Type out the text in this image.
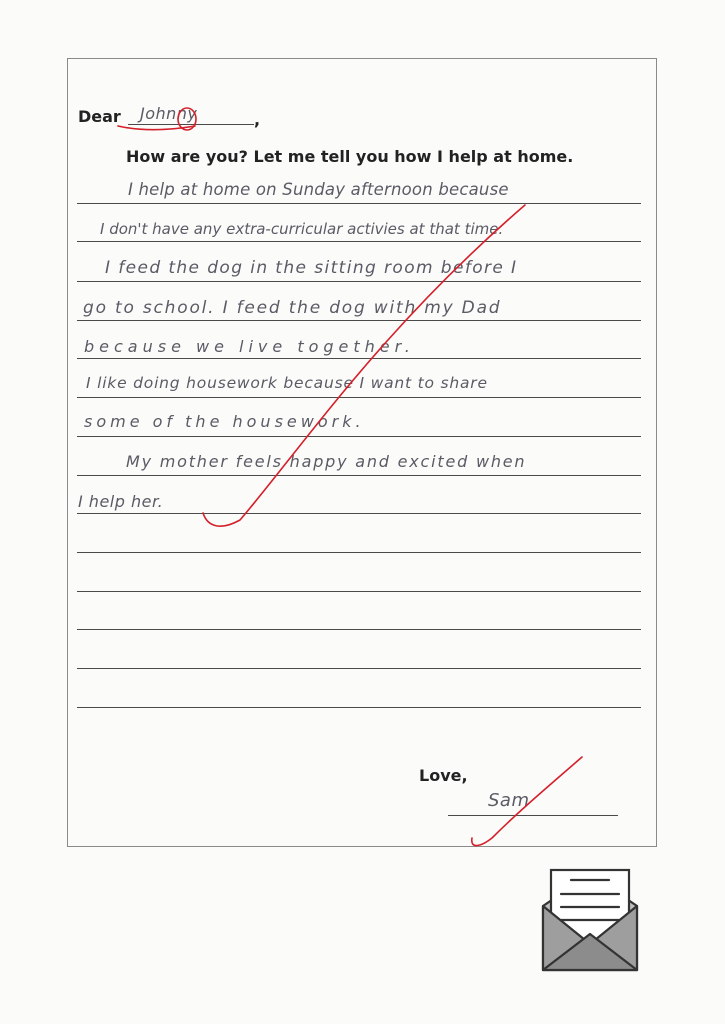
Dear Johnny	,
How are you? Let me tell you how I help at home.
I help at home on Sunday afternoon because
I don't have any extra-curricular activies at that time.
I feed the dog in the sitting room before I
go to school. I feed the dog with my Dad
because we live together.
I like doing housework because I want to share
some of the housework.
My mother feels happy and excited when
I help her.
Love,
Sam
